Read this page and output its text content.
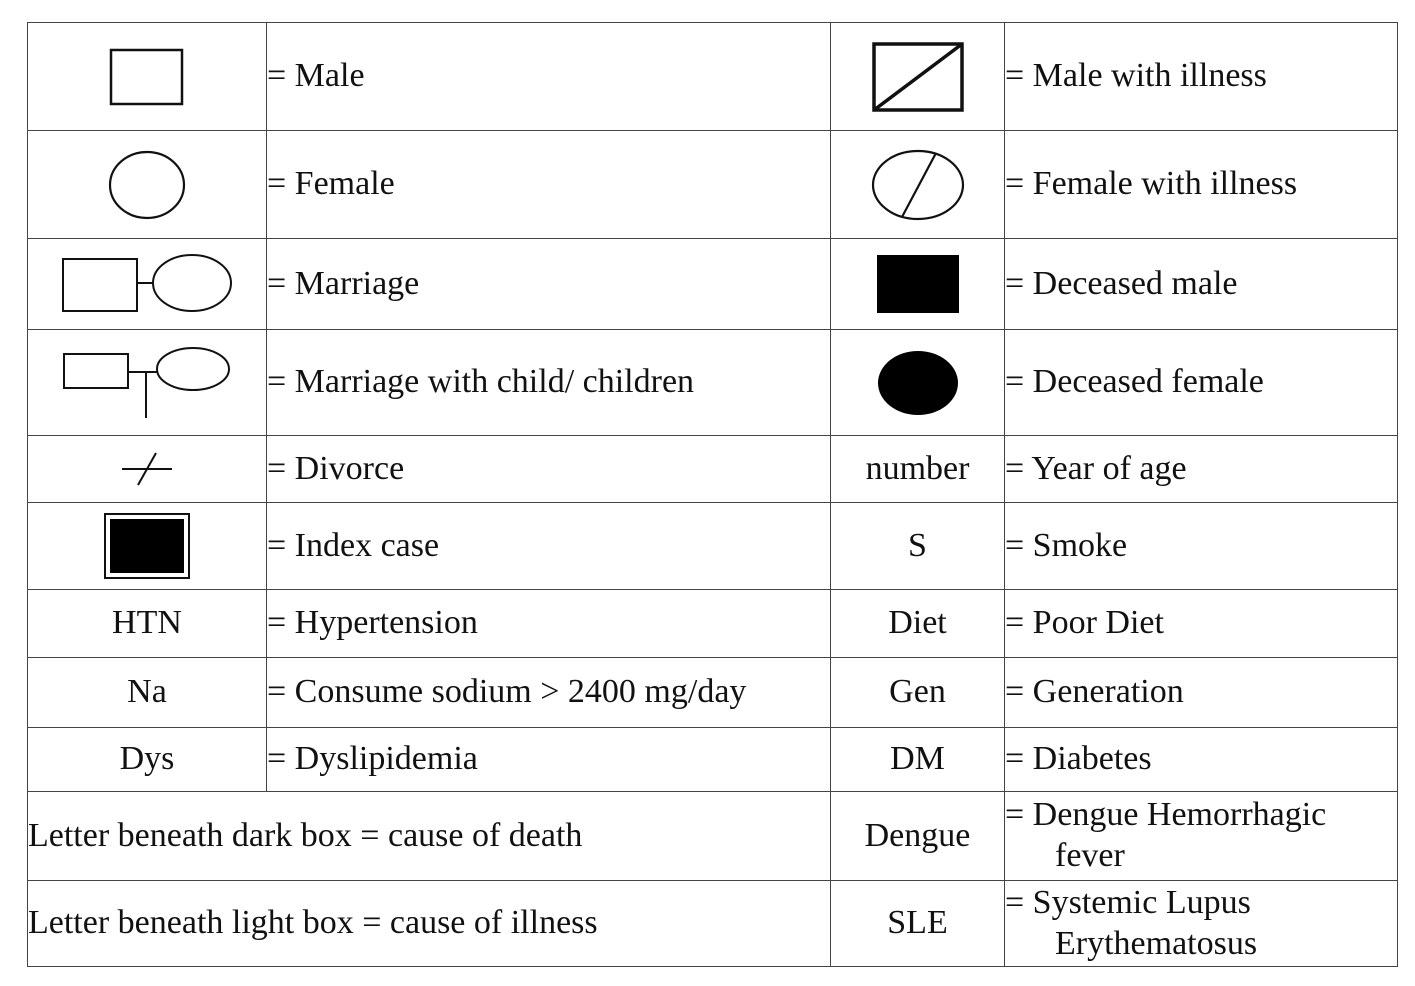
	= Male		= Male with illness

	= Female		= Female with illness

	= Marriage		= Deceased male

	= Marriage with child/ children		= Deceased female

	= Divorce	number	= Year of age

	= Index case	S	= Smoke
HTN	= Hypertension	Diet	= Poor Diet
Na	= Consume sodium > 2400 mg/day	Gen	= Generation
Dys	= Dyslipidemia	DM	= Diabetes
Letter beneath dark box = cause of death		Dengue	= Dengue Hemorrhagic
fever

Letter beneath light box = cause of illness		SLE	= Systemic Lupus
Erythematosus
